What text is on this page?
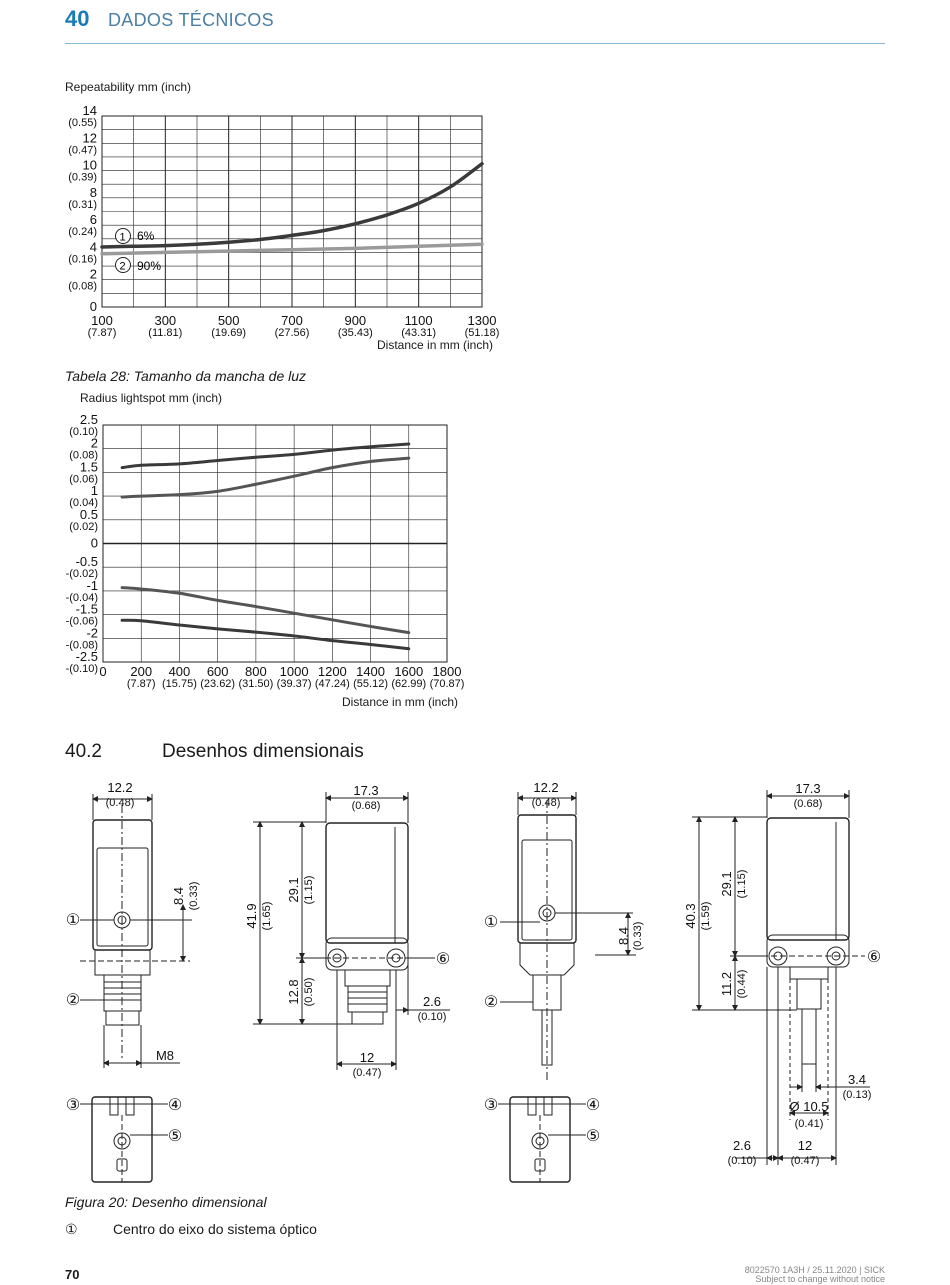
40 DADOS TÉCNICOS
Repeatability mm (inch)
14
(0.55)
12
(0.47)
10
(0.39)
8
(0.31)
6
(0.24)
4
(0.16)
2
(0.08)
0
100
(7.87)
300
(11.81)
500
(19.69)
700
(27.56)
900
(35.43)
1100
(43.31)
1300
(51.18)
1 6%
2 90%
Distance in mm (inch)
Tabela 28: Tamanho da mancha de luz
Radius lightspot mm (inch)
2.5
(0.10)
2
(0.08)
1.5
(0.06)
1
(0.04)
0.5
(0.02)
0
-0.5
-(0.02)
-1
-(0.04)
-1.5
-(0.06)
-2
-(0.08)
-2.5
-(0.10) 0 200
(7.87)
400
(15.75)
600
(23.62)
800
(31.50)
1000
(39.37)
1200
(47.24)
1400
(55.12)
1600
(62.99)
1800
(70.87)
Distance in mm (inch)
40.2	Desenhos dimensionais
12.2
(0.48)
8.4 (0.33)
M8
①
②
③	④
⑤
17.3
(0.68)
41.9 (1.65)
29.1 (1.15)
12.8 (0.50)	2.6
(0.10)
12
(0.47)
⑥
12.2
(0.48)
8.4 (0.33)
①
②
③	④
⑤
17.3
(0.68)
40.3 (1.59)
29.1 (1.15)
11.2 (0.44)
3.4
(0.13)
Ø 10.5
(0.41)
2.6
(0.10)
12
(0.47)
⑥
Figura 20: Desenho dimensional
①	Centro do eixo do sistema óptico
70	8022570 1A3H / 25.11.2020 | SICK
Subject to change without notice
